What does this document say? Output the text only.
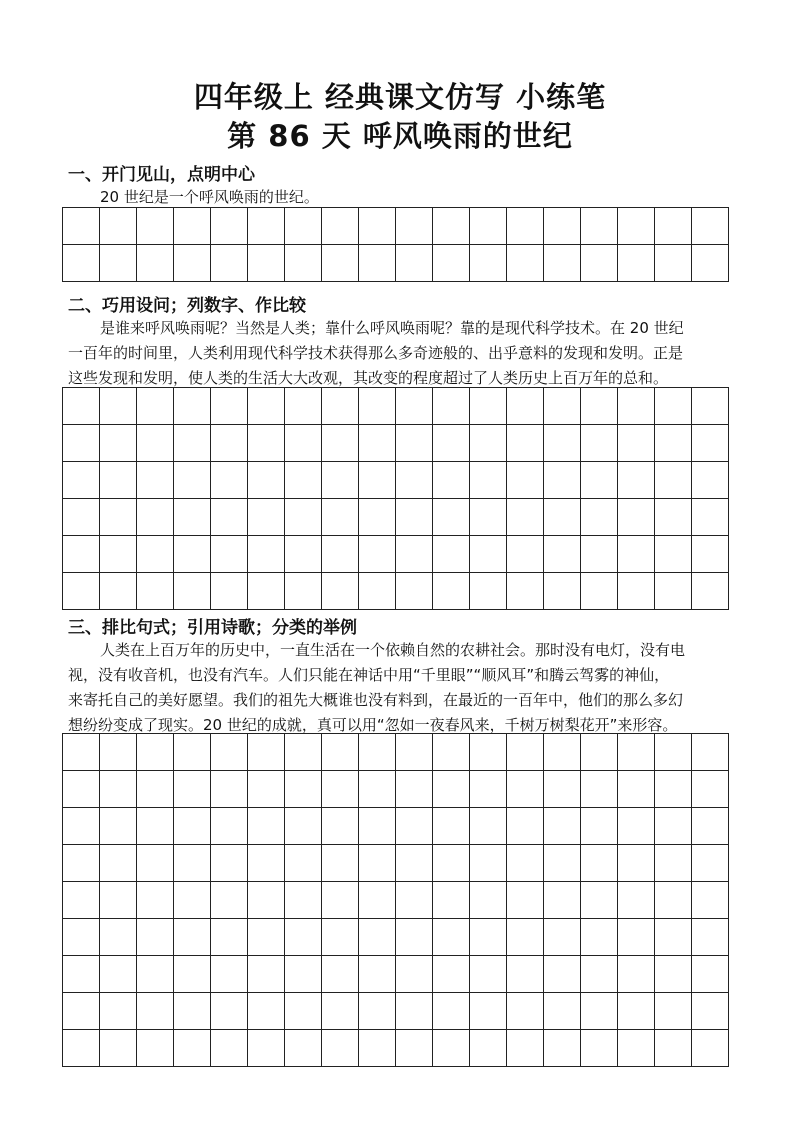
四年级上 经典课文仿写 小练笔
第 86 天 呼风唤雨的世纪
一、开门见山，点明中心
20 世纪是一个呼风唤雨的世纪。

二、巧用设问；列数字、作比较
是谁来呼风唤雨呢？当然是人类；靠什么呼风唤雨呢？靠的是现代科学技术。在 20 世纪
一百年的时间里，人类利用现代科学技术获得那么多奇迹般的、出乎意料的发现和发明。正是
这些发现和发明，使人类的生活大大改观，其改变的程度超过了人类历史上百万年的总和。

三、排比句式；引用诗歌；分类的举例
人类在上百万年的历史中，一直生活在一个依赖自然的农耕社会。那时没有电灯，没有电
视，没有收音机，也没有汽车。人们只能在神话中用“千里眼”“顺风耳”和腾云驾雾的神仙，
来寄托自己的美好愿望。我们的祖先大概谁也没有料到，在最近的一百年中，他们的那么多幻
想纷纷变成了现实。20 世纪的成就，真可以用“忽如一夜春风来，千树万树梨花开”来形容。
